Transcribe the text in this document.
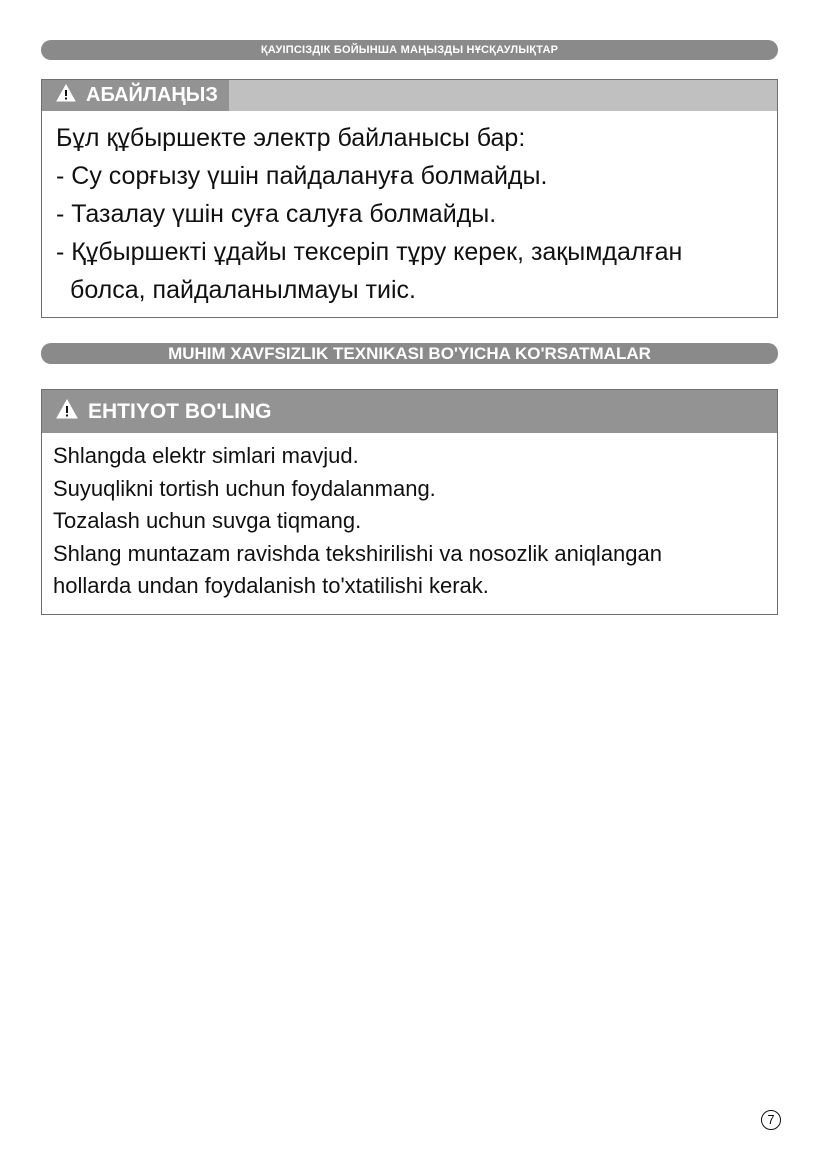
ҚАУІПСІЗДІК БОЙЫНША МАҢЫЗДЫ НҰСҚАУЛЫҚТАР
АБАЙЛАҢЫЗ
Бұл құбыршекте электр байланысы бар:
- Су сорғызу үшін пайдалануға болмайды.
- Тазалау үшін суға салуға болмайды.
- Құбыршекті ұдайы тексеріп тұру керек, зақымдалған
болса, пайдаланылмауы тиіс.
MUHIM XAVFSIZLIK TEXNIKASI BO'YICHA KO'RSATMALAR
EHTIYOT BO'LING
Shlangda elektr simlari mavjud.
Suyuqlikni tortish uchun foydalanmang.
Tozalash uchun suvga tiqmang.
Shlang muntazam ravishda tekshirilishi va nosozlik aniqlangan
hollarda undan foydalanish to'xtatilishi kerak.
7
